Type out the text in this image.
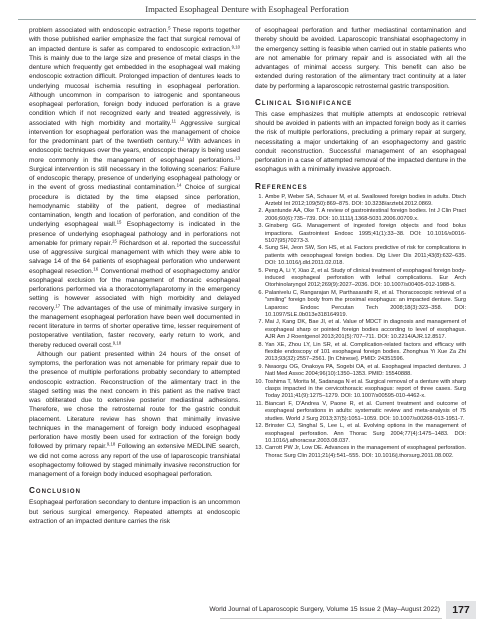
Impacted Esophageal Denture with Esophageal Perforation

problem associated with endoscopic extraction.$^5$ These reports together with those published earlier emphasize the fact that surgical removal of an impacted denture is safer as compared to endoscopic extraction.$^{9,10}$ This is mainly due to the large size and presence of metal clasps in the denture which frequently get embedded in the esophageal wall making endoscopic extraction difficult. Prolonged impaction of dentures leads to underlying mucosal ischemia resulting in esophageal perforation. Although uncommon in comparison to iatrogenic and spontaneous esophageal perforation, foreign body induced perforation is a grave condition which if not recognized early and treated aggressively, is associated with high morbidity and mortality.$^{11}$ Aggressive surgical intervention for esophageal perforation was the management of choice for the predominant part of the twentieth century.$^{12}$ With advances in endoscopic techniques over the years, endoscopic therapy is being used more commonly in the management of esophageal perforations.$^{13}$ Surgical intervention is still necessary in the following scenarios: Failure of endoscopic therapy, presence of underlying esophageal pathology or in the event of gross mediastinal contamination.$^{14}$ Choice of surgical procedure is dictated by the time elapsed since perforation, hemodynamic stability of the patient, degree of mediastinal contamination, length and location of perforation, and condition of the underlying esophageal wall.$^{15}$ Esophagectomy is indicated in the presence of underlying esophageal pathology and in perforations not amenable for primary repair.$^{15}$ Richardson et al. reported the successful use of aggressive surgical management with which they were able to salvage 14 of the 64 patients of esophageal perforation who underwent esophageal resection.$^{16}$ Conventional method of esophagectomy and/or esophageal exclusion for the management of thoracic esophageal perforations performed via a thoracotomy/laparotomy in the emergency setting is however associated with high morbidity and delayed recovery.$^{17}$ The advantages of the use of minimally invasive surgery in the management esophageal perforation have been well documented in recent literature in terms of shorter operative time, lesser requirement of postoperative ventilation, faster recovery, early return to work, and thereby reduced overall cost.$^{9,18}$

Although our patient presented within 24 hours of the onset of symptoms, the perforation was not amenable for primary repair due to the presence of multiple perforations probably secondary to attempted endoscopic extraction. Reconstruction of the alimentary tract in the staged setting was the next concern in this patient as the native tract was obliterated due to extensive posterior mediastinal adhesions. Therefore, we chose the retrosternal route for the gastric conduit placement. Literature review has shown that minimally invasive techniques in the management of foreign body induced esophageal perforation have mostly been used for extraction of the foreign body followed by primary repair.$^{9,18}$ Following an extensive MEDLINE search, we did not come across any report of the use of laparoscopic transhiatal esophagectomy followed by staged minimally invasive reconstruction for management of a foreign body induced esophageal perforation.

Conclusion

Esophageal perforation secondary to denture impaction is an uncommon but serious surgical emergency. Repeated attempts at endoscopic extraction of an impacted denture carries the risk

of esophageal perforation and further mediastinal contamination and thereby should be avoided. Laparoscopic transhiatal esophagectomy in the emergency setting is feasible when carried out in stable patients who are not amenable for primary repair and is associated with all the advantages of minimal access surgery. This benefit can also be extended during restoration of the alimentary tract continuity at a later date by performing a laparoscopic retrosternal gastric transposition.

Clinical Significance

This case emphasizes that multiple attempts at endoscopic retrieval should be avoided in patients with an impacted foreign body as it carries the risk of multiple perforations, precluding a primary repair at surgery, necessitating a major undertaking of an esophagectomy and gastric conduit reconstruction. Successful management of an esophageal perforation in a case of attempted removal of the impacted denture in the esophagus with a minimally invasive approach.

References
1. Ambe P, Weber SA, Schauer M, et al. Swallowed foreign bodies in adults. Dtsch Arztebl Int 2012;109(50):869–875. DOI: 10.3238/arztebl.2012.0869.
2. Ayantunde AA, Oke T. A review of gastrointestinal foreign bodies. Int J Clin Pract 2006;60(6):735–739. DOI: 10.1111/j.1368-5031.2006.00709.x.
3. Ginsberg GG. Management of ingested foreign objects and food bolus impactions. Gastrointest Endosc 1995;41(1):33–38. DOI: 10.1016/s0016-5107(95)70273-3.
4. Sung SH, Jeon SW, Son HS, et al. Factors predictive of risk for complications in patients with oesophageal foreign bodies. Dig Liver Dis 2011;43(8):632–635. DOI: 10.1016/j.dld.2011.02.018.
5. Peng A, Li Y, Xiao Z, et al. Study of clinical treatment of esophageal foreign body-induced esophageal perforation with lethal complications. Eur Arch Otorhinolaryngol 2012;269(9):2027–2036. DOI: 10.1007/s00405-012-1988-5.
6. Palanivelu C, Rangarajan M, Parthasarathi R, et al. Thoracoscopic retrieval of a "smiling" foreign body from the proximal esophagus: an impacted denture. Surg Laparosc Endosc Percutan Tech 2008;18(3):323–358. DOI: 10.1097/SLE.0b013e318164919.
7. Mai J, Kang DK, Bae JI, et al. Value of MDCT in diagnosis and management of esophageal sharp or pointed foreign bodies according to level of esophagus. AJR Am J Roentgenol 2013;201(5):707–711. DOI: 10.2214/AJR.12.8517.
8. Yan XE, Zhou LY, Lin SR, et al. Complication-related factors and efficacy with flexible endoscopy of 101 esophageal foreign bodies. Zhonghua Yi Xue Za Zhi 2013;93(32):2557–2561. [In Chinese]. PMID: 24351596.
9. Nwaorgu OG, Onakoya PA, Sogebi OA, et al. Esophageal impacted dentures. J Natl Med Assoc 2004;96(10):1350–1353. PMID: 15540888.
10. Toshima T, Morita M, Sadanaga N et al. Surgical removal of a denture with sharp clasps impacted in the cervicothoracic esophagus: report of three cases. Surg Today 2011;41(9):1275–1279. DOI: 10.1007/s00595-010-4462-x.
11. Biancari F, D'Andrea V, Paone R, et al. Current treatment and outcome of esophageal perforations in adults: systematic review and meta-analysis of 75 studies. World J Surg 2013;37(5):1051–1059. DOI: 10.1007/s00268-013-1951-7.
12. Brinster CJ, Singhal S, Lee L, et al. Evolving options in the management of esophageal perforation. Ann Thorac Surg 2004;77(4):1475–1483. DOI: 10.1016/j.athoracsur.2003.08.037.
13. Carrott PW Jr, Low DE. Advances in the management of esophageal perforation. Thorac Surg Clin 2011;21(4):541–555. DOI: 10.1016/j.thorsurg.2011.08.002.
World Journal of Laparoscopic Surgery, Volume 15 Issue 2 (May–August 2022)	177
